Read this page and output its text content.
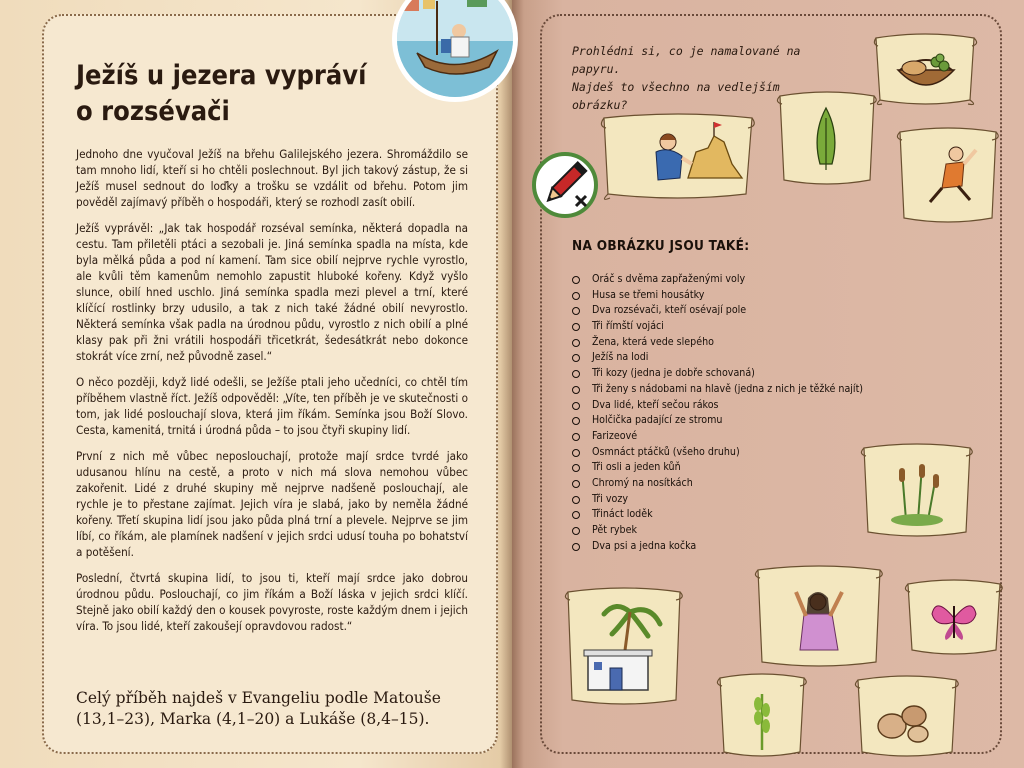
Ježíš u jezera vypráví
o rozsévači

Jednoho dne vyučoval Ježíš na břehu Galilejského jezera. Shromáždilo se tam mnoho lidí, kteří si ho chtěli poslechnout. Byl jich takový zástup, že si Ježíš musel sednout do loďky a trošku se vzdálit od břehu. Potom jim pověděl zajímavý příběh o hospodáři, který se rozhodl zasít obilí.

Ježíš vyprávěl: „Jak tak hospodář rozséval semínka, některá dopadla na cestu. Tam přiletěli ptáci a sezobali je. Jiná semínka spadla na místa, kde byla mělká půda a pod ní kamení. Tam sice obilí nejprve rychle vyrostlo, ale kvůli těm kamenům nemohlo zapustit hluboké kořeny. Když vyšlo slunce, obilí hned uschlo. Jiná semínka spadla mezi plevel a trní, které klíčící rostlinky brzy udusilo, a tak z nich také žádné obilí nevyrostlo. Některá semínka však padla na úrodnou půdu, vyrostlo z nich obilí a plné klasy pak při žni vrátili hospodáři třicetkrát, šedesátkrát nebo dokonce stokrát více zrní, než původně zasel.“

O něco později, když lidé odešli, se Ježíše ptali jeho učedníci, co chtěl tím příběhem vlastně říct. Ježíš odpověděl: „Víte, ten příběh je ve skutečnosti o tom, jak lidé poslouchají slova, která jim říkám. Semínka jsou Boží Slovo. Cesta, kamenitá, trnitá i úrodná půda – to jsou čtyři skupiny lidí.

První z nich mě vůbec neposlouchají, protože mají srdce tvrdé jako udusanou hlínu na cestě, a proto v nich má slova nemohou vůbec zakořenit. Lidé z druhé skupiny mě nejprve nadšeně poslouchají, ale rychle je to přestane zajímat. Jejich víra je slabá, jako by neměla žádné kořeny. Třetí skupina lidí jsou jako půda plná trní a plevele. Nejprve se jim líbí, co říkám, ale plamínek nadšení v jejich srdci udusí touha po bohatství a potěšení.

Poslední, čtvrtá skupina lidí, to jsou ti, kteří mají srdce jako dobrou úrodnou půdu. Poslouchají, co jim říkám a Boží láska v jejich srdci klíčí. Stejně jako obilí každý den o kousek povyroste, roste každým dnem i jejich víra. To jsou lidé, kteří zakoušejí opravdovou radost.“

Celý příběh najdeš v Evangeliu podle Matouše (13,1–23), Marka (4,1–20) a Lukáše (8,4–15).
Prohlédni si, co je namalované na papyru.
Najdeš to všechno na vedlejším obrázku?
NA OBRÁZKU JSOU TAKÉ:
Oráč s dvěma zapřaženými voly
Husa se třemi housátky
Dva rozsévači, kteří osévají pole
Tři římští vojáci
Žena, která vede slepého
Ježíš na lodi
Tři kozy (jedna je dobře schovaná)
Tři ženy s nádobami na hlavě (jedna z nich je těžké najít)
Dva lidé, kteří sečou rákos
Holčička padající ze stromu
Farizeové
Osmnáct ptáčků (všeho druhu)
Tři osli a jeden kůň
Chromý na nosítkách
Tři vozy
Třináct loděk
Pět rybek
Dva psi a jedna kočka
